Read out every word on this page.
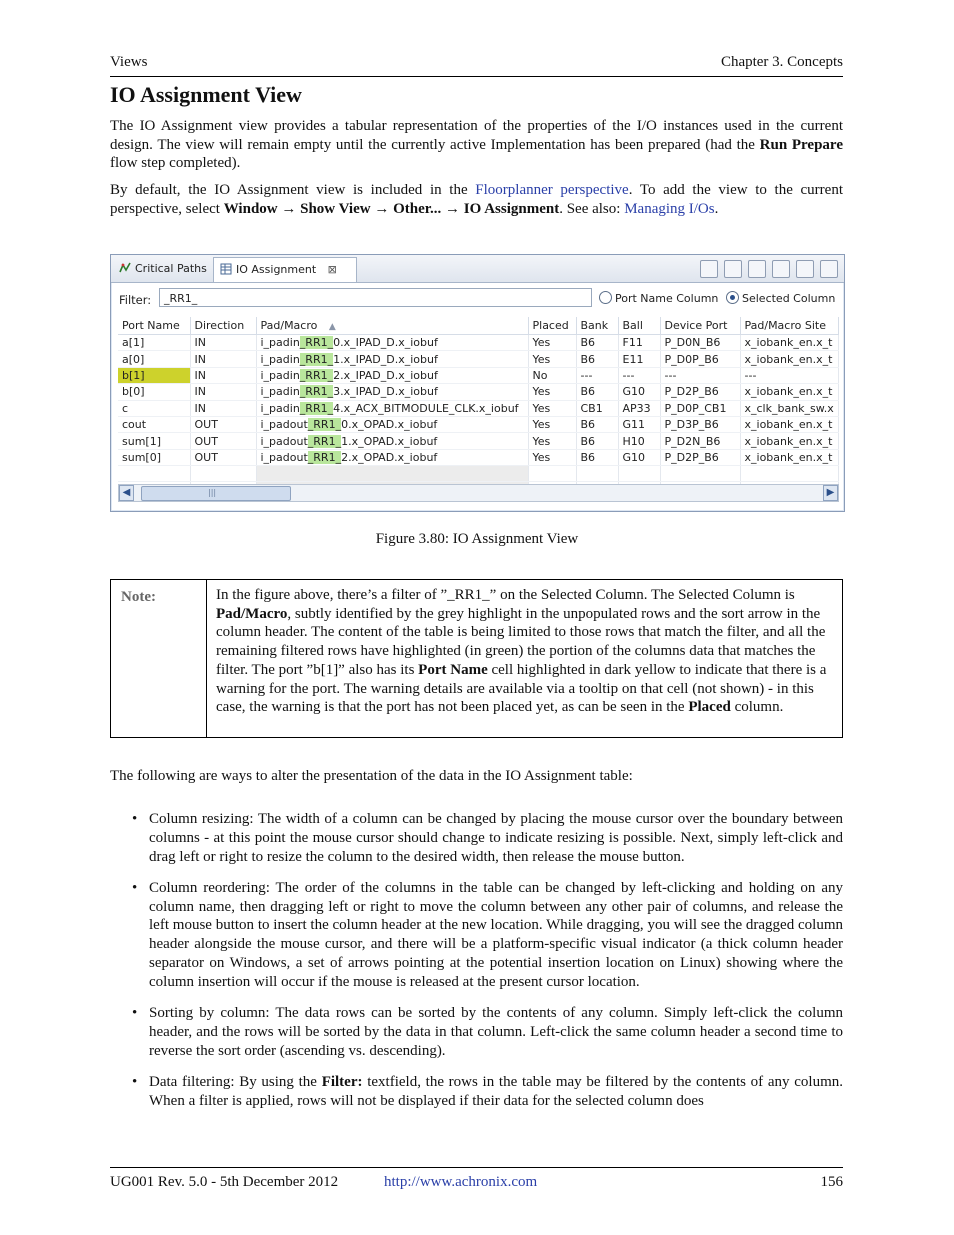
Views	Chapter 3. Concepts
IO Assignment View
The IO Assignment view provides a tabular representation of the properties of the I/O instances used in the current design. The view will remain empty until the currently active Implementation has been prepared (had the Run Prepare flow step completed).
By default, the IO Assignment view is included in the Floorplanner perspective. To add the view to the current perspective, select Window → Show View → Other... → IO Assignment. See also: Managing I/Os.
Critical Paths	IO Assignment ⊠
Filter:	_RR1_	Port Name Column	Selected Column
Port Name	Direction	Pad/Macro ▲	Placed	Bank	Ball	Device Port	Pad/Macro Site
a[1]	IN	i_padin_RR1_0.x_IPAD_D.x_iobuf	Yes	B6	F11	P_D0N_B6	x_iobank_en.x_t
a[0]	IN	i_padin_RR1_1.x_IPAD_D.x_iobuf	Yes	B6	E11	P_D0P_B6	x_iobank_en.x_t
b[1]	IN	i_padin_RR1_2.x_IPAD_D.x_iobuf	No	---	---	---	---
b[0]	IN	i_padin_RR1_3.x_IPAD_D.x_iobuf	Yes	B6	G10	P_D2P_B6	x_iobank_en.x_t
c	IN	i_padin_RR1_4.x_ACX_BITMODULE_CLK.x_iobuf	Yes	CB1	AP33	P_D0P_CB1	x_clk_bank_sw.x
cout	OUT	i_padout_RR1_0.x_OPAD.x_iobuf	Yes	B6	G11	P_D3P_B6	x_iobank_en.x_t
sum[1]	OUT	i_padout_RR1_1.x_OPAD.x_iobuf	Yes	B6	H10	P_D2N_B6	x_iobank_en.x_t
sum[0]	OUT	i_padout_RR1_2.x_OPAD.x_iobuf	Yes	B6	G10	P_D2P_B6	x_iobank_en.x_t

◀	|||	▶
Figure 3.80: IO Assignment View
Note:	In the figure above, there’s a filter of ”_RR1_” on the Selected Column. The Selected Column is Pad/Macro, subtly identified by the grey highlight in the unpopulated rows and the sort arrow in the column header. The content of the table is being limited to those rows that match the filter, and all the remaining filtered rows have highlighted (in green) the portion of the columns data that matches the filter. The port ”b[1]” also has its Port Name cell highlighted in dark yellow to indicate that there is a warning for the port. The warning details are available via a tooltip on that cell (not shown) - in this case, the warning is that the port has not been placed yet, as can be seen in the Placed column.
The following are ways to alter the presentation of the data in the IO Assignment table:
• Column resizing: The width of a column can be changed by placing the mouse cursor over the boundary between columns - at this point the mouse cursor should change to indicate resizing is possible. Next, simply left-click and drag left or right to resize the column to the desired width, then release the mouse button.
• Column reordering: The order of the columns in the table can be changed by left-clicking and holding on any column name, then dragging left or right to move the column between any other pair of columns, and release the left mouse button to insert the column header at the new location. While dragging, you will see the dragged column header alongside the mouse cursor, and there will be a platform-specific visual indicator (a thick column header separator on Windows, a set of arrows pointing at the potential insertion location on Linux) showing where the column insertion will occur if the mouse is released at the present cursor location.
• Sorting by column: The data rows can be sorted by the contents of any column. Simply left-click the column header, and the rows will be sorted by the data in that column. Left-click the same column header a second time to reverse the sort order (ascending vs. descending).
• Data filtering: By using the Filter: textfield, the rows in the table may be filtered by the contents of any column. When a filter is applied, rows will not be displayed if their data for the selected column does
UG001 Rev. 5.0 - 5th December 2012	http://www.achronix.com	156
